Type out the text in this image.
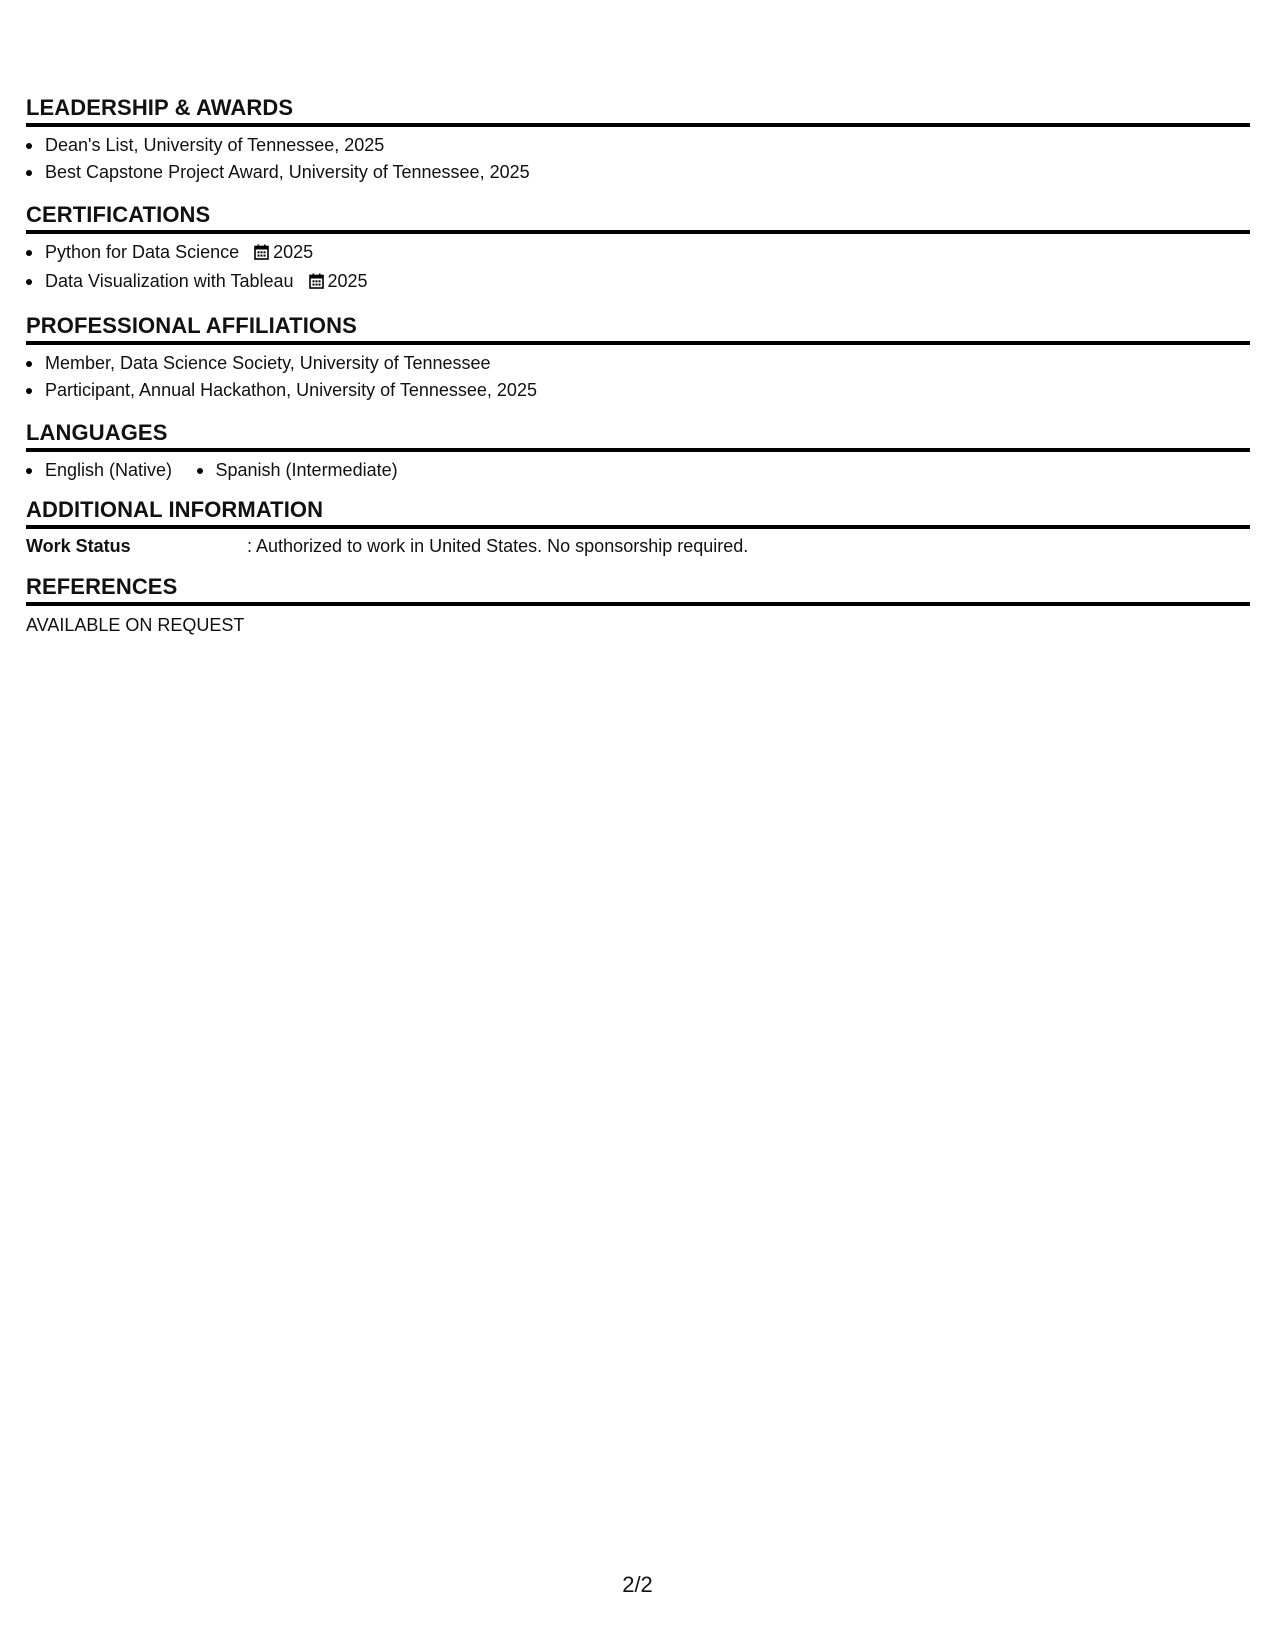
LEADERSHIP & AWARDS
Dean's List, University of Tennessee, 2025
Best Capstone Project Award, University of Tennessee, 2025
CERTIFICATIONS
Python for Data Science 2025
Data Visualization with Tableau 2025
PROFESSIONAL AFFILIATIONS
Member, Data Science Society, University of Tennessee
Participant, Annual Hackathon, University of Tennessee, 2025
LANGUAGES
English (Native) Spanish (Intermediate)
ADDITIONAL INFORMATION
Work Status	: Authorized to work in United States. No sponsorship required.
REFERENCES
AVAILABLE ON REQUEST
2/2
